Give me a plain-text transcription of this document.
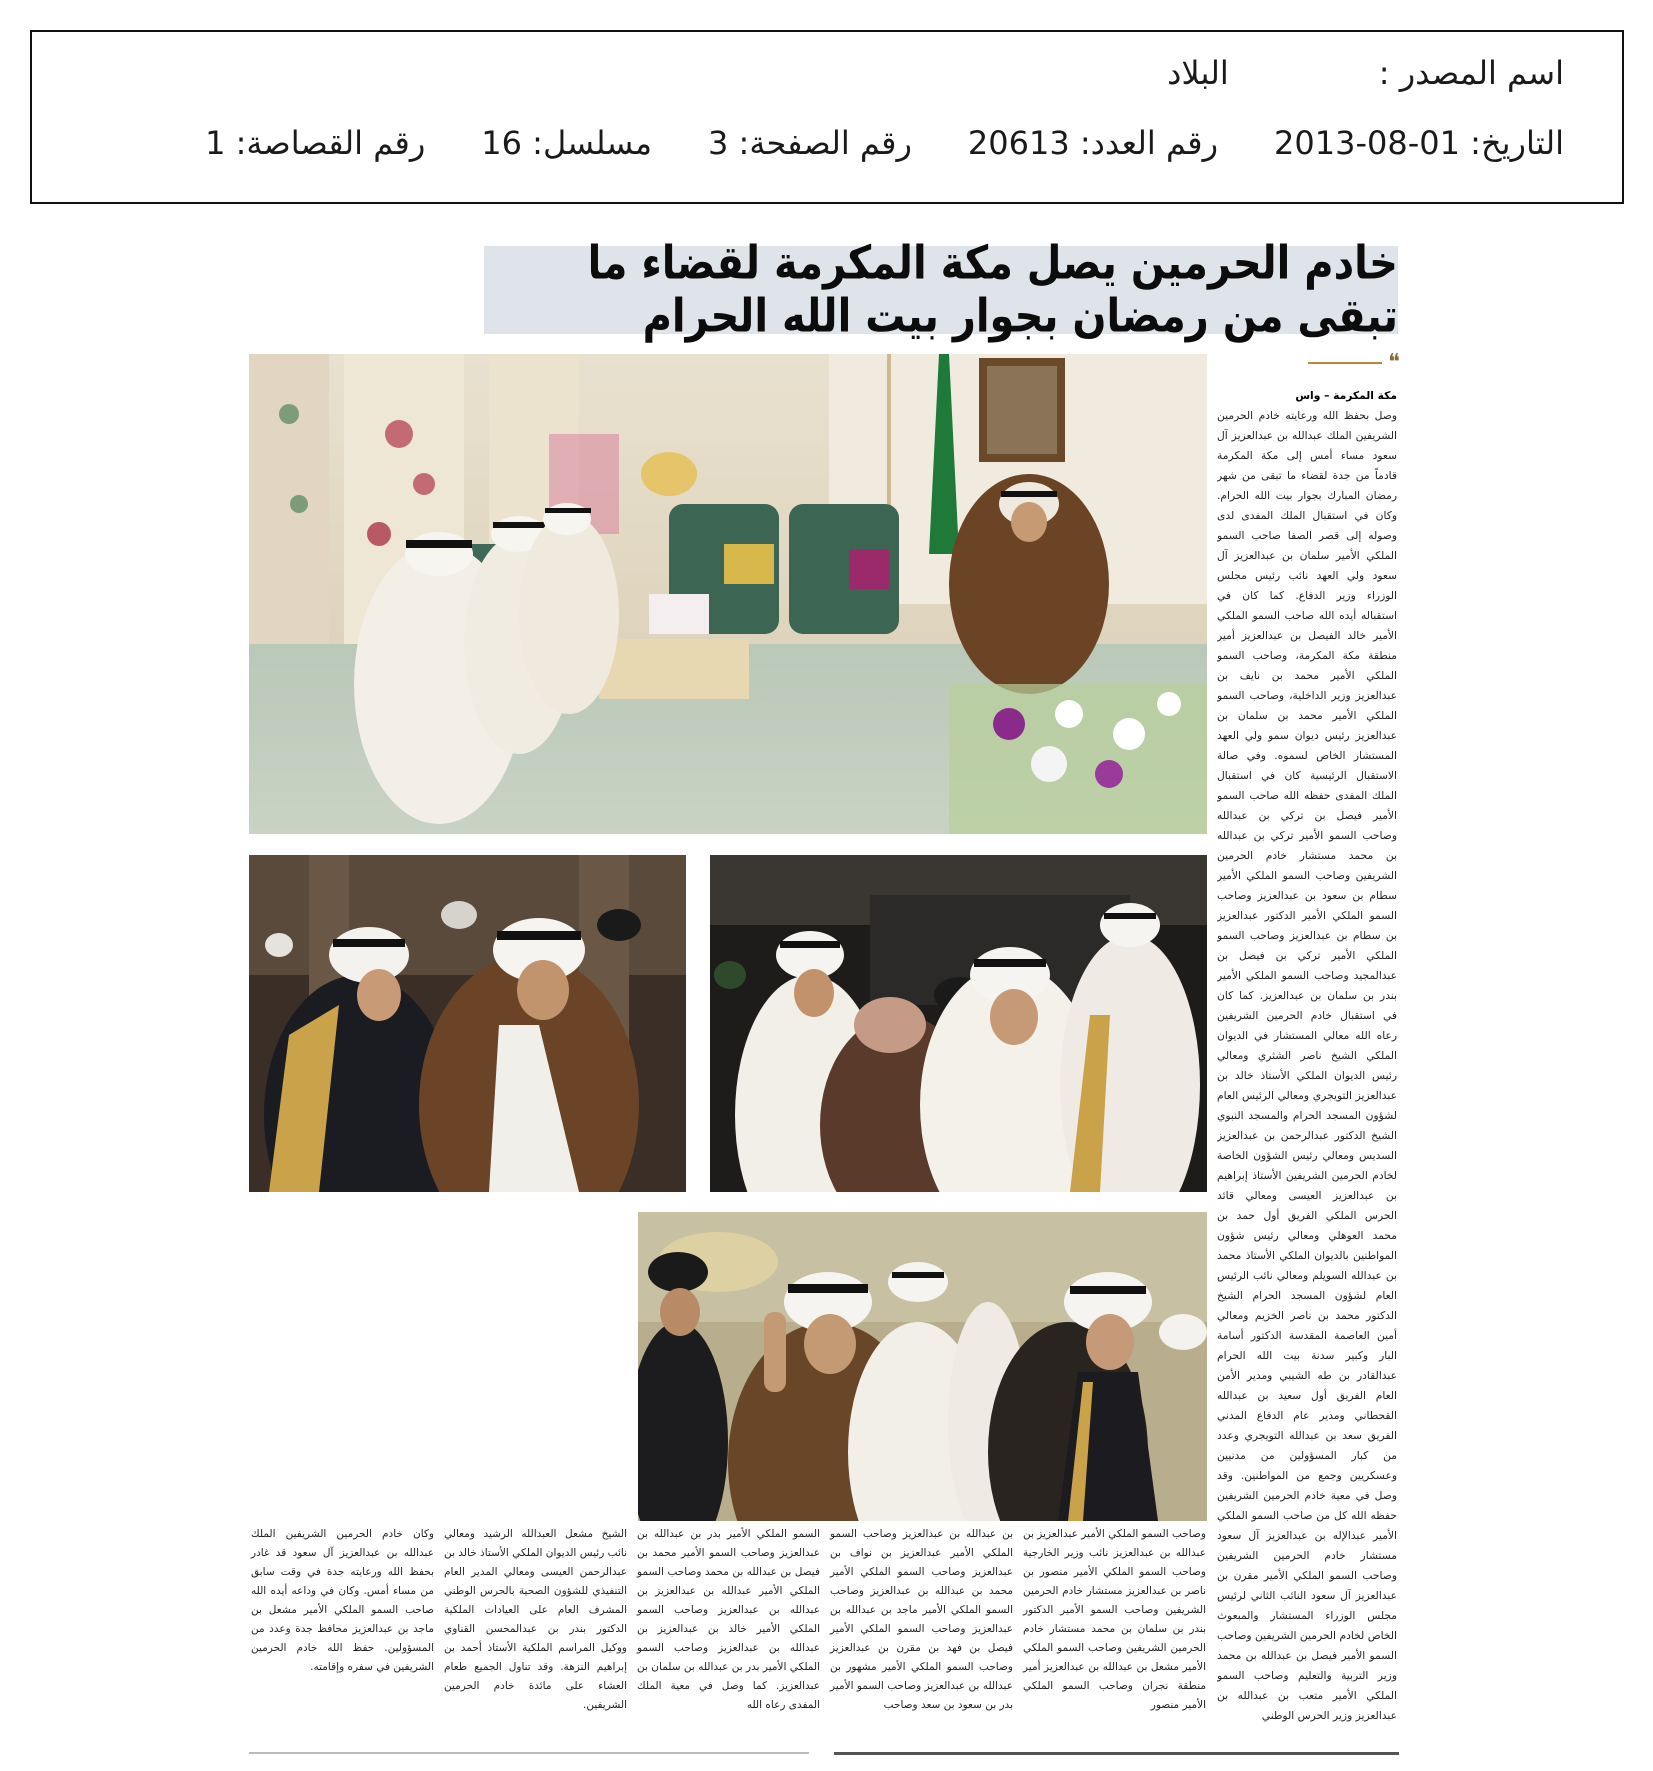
اسم المصدر :
البلاد
التاريخ: 2013-08-01
رقم العدد: 20613
رقم الصفحة: 3
مسلسل: 16
رقم القصاصة: 1
خادم الحرمين يصل مكة المكرمة لقضاء ما تبقى من رمضان بجوار بيت الله الحرام
❝
مكة المكرمة – واس
وصل بحفظ الله ورعايته خادم الحرمين الشريفين الملك عبدالله بن عبدالعزيز آل سعود مساء أمس إلى مكة المكرمة قادماً من جدة لقضاء ما تبقى من شهر رمضان المبارك بجوار بيت الله الحرام. وكان في استقبال الملك المفدى لدى وصوله إلى قصر الصفا صاحب السمو الملكي الأمير سلمان بن عبدالعزيز آل سعود ولي العهد نائب رئيس مجلس الوزراء وزير الدفاع. كما كان في استقباله أيده الله صاحب السمو الملكي الأمير خالد الفيصل بن عبدالعزيز أمير منطقة مكة المكرمة، وصاحب السمو الملكي الأمير محمد بن نايف بن عبدالعزيز وزير الداخلية، وصاحب السمو الملكي الأمير محمد بن سلمان بن عبدالعزيز رئيس ديوان سمو ولي العهد المستشار الخاص لسموه. وفي صالة الاستقبال الرئيسية كان في استقبال الملك المفدى حفظه الله صاحب السمو الأمير فيصل بن تركي بن عبدالله وصاحب السمو الأمير تركي بن عبدالله بن محمد مستشار خادم الحرمين الشريفين وصاحب السمو الملكي الأمير سطام بن سعود بن عبدالعزيز وصاحب السمو الملكي الأمير الدكتور عبدالعزيز بن سطام بن عبدالعزيز وصاحب السمو الملكي الأمير تركي بن فيصل بن عبدالمجيد وصاحب السمو الملكي الأمير بندر بن سلمان بن عبدالعزيز. كما كان في استقبال خادم الحرمين الشريفين رعاه الله معالي المستشار في الديوان الملكي الشيخ ناصر الشثري ومعالي رئيس الديوان الملكي الأستاذ خالد بن عبدالعزيز التويجري ومعالي الرئيس العام لشؤون المسجد الحرام والمسجد النبوي الشيخ الدكتور عبدالرحمن بن عبدالعزيز السديس ومعالي رئيس الشؤون الخاصة لخادم الحرمين الشريفين الأستاذ إبراهيم بن عبدالعزيز العيسى ومعالي قائد الحرس الملكي الفريق أول حمد بن محمد العوهلي ومعالي رئيس شؤون المواطنين بالديوان الملكي الأستاذ محمد بن عبدالله السويلم ومعالي نائب الرئيس العام لشؤون المسجد الحرام الشيخ الدكتور محمد بن ناصر الخزيم ومعالي أمين العاصمة المقدسة الدكتور أسامة البار وكبير سدنة بيت الله الحرام عبدالقادر بن طه الشيبي ومدير الأمن العام الفريق أول سعيد بن عبدالله القحطاني ومدير عام الدفاع المدني الفريق سعد بن عبدالله التويجري وعدد من كبار المسؤولين من مدنيين وعسكريين وجمع من المواطنين. وقد وصل في معية خادم الحرمين الشريفين حفظه الله كل من صاحب السمو الملكي الأمير عبدالإله بن عبدالعزيز آل سعود مستشار خادم الحرمين الشريفين وصاحب السمو الملكي الأمير مقرن بن عبدالعزيز آل سعود النائب الثاني لرئيس مجلس الوزراء المستشار والمبعوث الخاص لخادم الحرمين الشريفين وصاحب السمو الأمير فيصل بن عبدالله بن محمد وزير التربية والتعليم وصاحب السمو الملكي الأمير متعب بن عبدالله بن عبدالعزيز وزير الحرس الوطني
وصاحب السمو الملكي الأمير عبدالعزيز بن عبدالله بن عبدالعزيز نائب وزير الخارجية وصاحب السمو الملكي الأمير منصور بن ناصر بن عبدالعزيز مستشار خادم الحرمين الشريفين وصاحب السمو الأمير الدكتور بندر بن سلمان بن محمد مستشار خادم الحرمين الشريفين وصاحب السمو الملكي الأمير مشعل بن عبدالله بن عبدالعزيز أمير منطقة نجران وصاحب السمو الملكي الأمير منصور
بن عبدالله بن عبدالعزيز وصاحب السمو الملكي الأمير عبدالعزيز بن نواف بن عبدالعزيز وصاحب السمو الملكي الأمير محمد بن عبدالله بن عبدالعزيز وصاحب السمو الملكي الأمير ماجد بن عبدالله بن عبدالعزيز وصاحب السمو الملكي الأمير فيصل بن فهد بن مقرن بن عبدالعزيز وصاحب السمو الملكي الأمير مشهور بن عبدالله بن عبدالعزيز وصاحب السمو الأمير بدر بن سعود بن سعد وصاحب
السمو الملكي الأمير بدر بن عبدالله بن عبدالعزيز وصاحب السمو الأمير محمد بن فيصل بن عبدالله بن محمد وصاحب السمو الملكي الأمير عبدالله بن عبدالعزيز بن عبدالله بن عبدالعزيز وصاحب السمو الملكي الأمير خالد بن عبدالعزيز بن عبدالله بن عبدالعزيز وصاحب السمو الملكي الأمير بدر بن عبدالله بن سلمان بن عبدالعزيز. كما وصل في معية الملك المفدى رعاه الله
الشيخ مشعل العبدالله الرشيد ومعالي نائب رئيس الديوان الملكي الأستاذ خالد بن عبدالرحمن العيسى ومعالي المدير العام التنفيذي للشؤون الصحية بالحرس الوطني المشرف العام على العيادات الملكية الدكتور بندر بن عبدالمحسن القناوي ووكيل المراسم الملكية الأستاذ أحمد بن إبراهيم النزهة. وقد تناول الجميع طعام العشاء على مائدة خادم الحرمين الشريفين.
وكان خادم الحرمين الشريفين الملك عبدالله بن عبدالعزيز آل سعود قد غادر بحفظ الله ورعايته جدة في وقت سابق من مساء أمس. وكان في وداعه أيده الله صاحب السمو الملكي الأمير مشعل بن ماجد بن عبدالعزيز محافظ جدة وعدد من المسؤولين. حفظ الله خادم الحرمين الشريفين في سفره وإقامته.
